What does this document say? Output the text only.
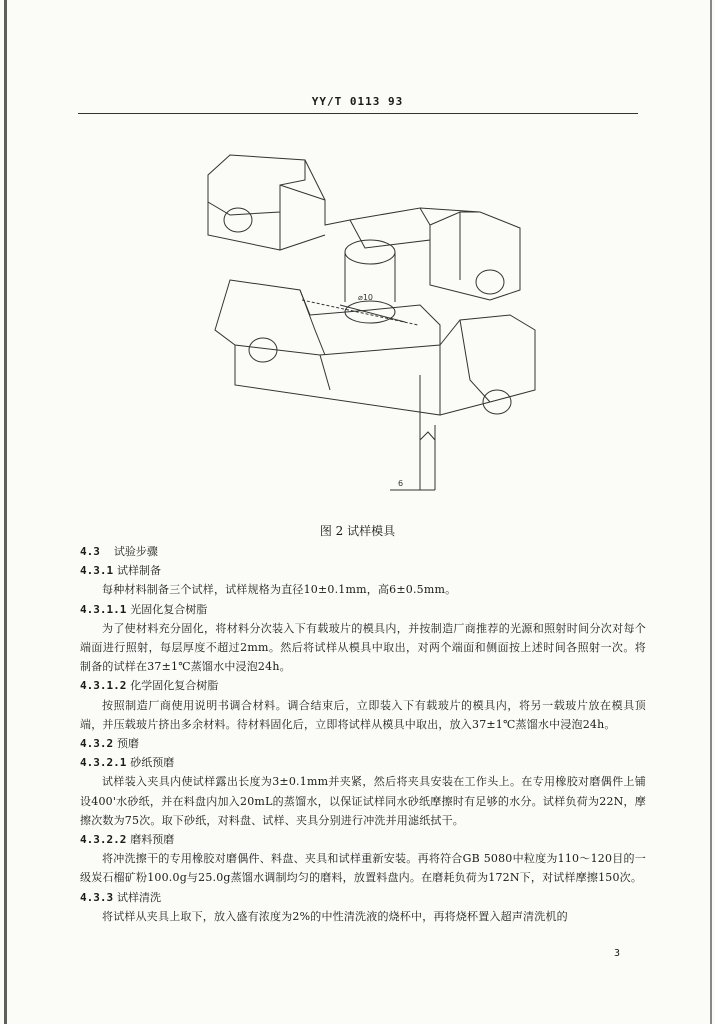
YY/T 0113 93
⌀10
6
图 2 试样模具
4.3 试验步骤
4.3.1 试样制备

每种材料制备三个试样，试样规格为直径10±0.1mm，高6±0.5mm。

4.3.1.1 光固化复合树脂

为了使材料充分固化，将材料分次装入下有载玻片的模具内，并按制造厂商推荐的光源和照射时间分次对每个端面进行照射，每层厚度不超过2mm。然后将试样从模具中取出，对两个端面和侧面按上述时间各照射一次。将制备的试样在37±1℃蒸馏水中浸泡24h。

4.3.1.2 化学固化复合树脂

按照制造厂商使用说明书调合材料。调合结束后，立即装入下有载玻片的模具内，将另一载玻片放在模具顶端，并压载玻片挤出多余材料。待材料固化后，立即将试样从模具中取出，放入37±1℃蒸馏水中浸泡24h。

4.3.2 预磨
4.3.2.1 砂纸预磨

试样装入夹具内使试样露出长度为3±0.1mm并夹紧，然后将夹具安装在工作头上。在专用橡胶对磨偶件上铺设400'水砂纸，并在料盘内加入20mL的蒸馏水，以保证试样同水砂纸摩擦时有足够的水分。试样负荷为22N，摩擦次数为75次。取下砂纸，对料盘、试样、夹具分别进行冲洗并用滤纸拭干。

4.3.2.2 磨料预磨

将冲洗擦干的专用橡胶对磨偶件、料盘、夹具和试样重新安装。再将符合GB 5080中粒度为110～120目的一级炭石榴矿粉100.0g与25.0g蒸馏水调制均匀的磨料，放置料盘内。在磨耗负荷为172N下，对试样摩擦150次。

4.3.3 试样清洗

将试样从夹具上取下，放入盛有浓度为2%的中性清洗液的烧杯中，再将烧杯置入超声清洗机的

3
